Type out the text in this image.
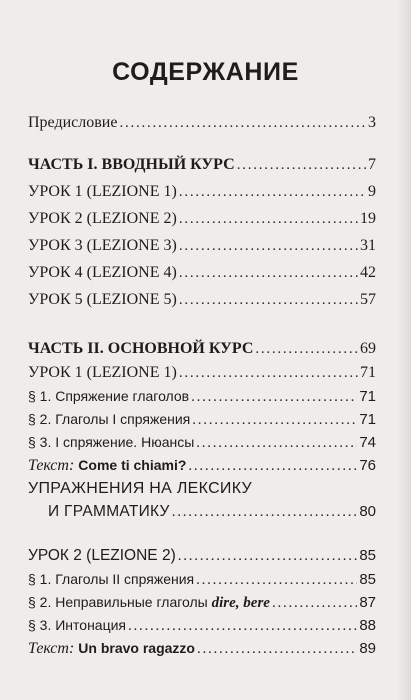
СОДЕРЖАНИЕ
Предисловие . . .	3
ЧАСТЬ I. ВВОДНЫЙ КУРС . . .	7
УРОК 1 (LEZIONE 1) . . .	9
УРОК 2 (LEZIONE 2) . . .	19
УРОК 3 (LEZIONE 3) . . .	31
УРОК 4 (LEZIONE 4) . . .	42
УРОК 5 (LEZIONE 5) . . .	57
ЧАСТЬ II. ОСНОВНОЙ КУРС . . .	69
УРОК 1 (LEZIONE 1) . . .	71
§ 1. Спряжение глаголов . . .	71
§ 2. Глаголы I спряжения . . .	71
§ 3. I спряжение. Нюансы . . .	74
Текст: Come ti chiami? . . .	76
УПРАЖНЕНИЯ НА ЛЕКСИКУ
И ГРАММАТИКУ . . .	80
УРОК 2 (LEZIONE 2) . . .	85
§ 1. Глаголы II спряжения . . .	85
§ 2. Неправильные глаголы dire, bere . . .	87
§ 3. Интонация . . .	88
Текст: Un bravo ragazzo . . .	89
